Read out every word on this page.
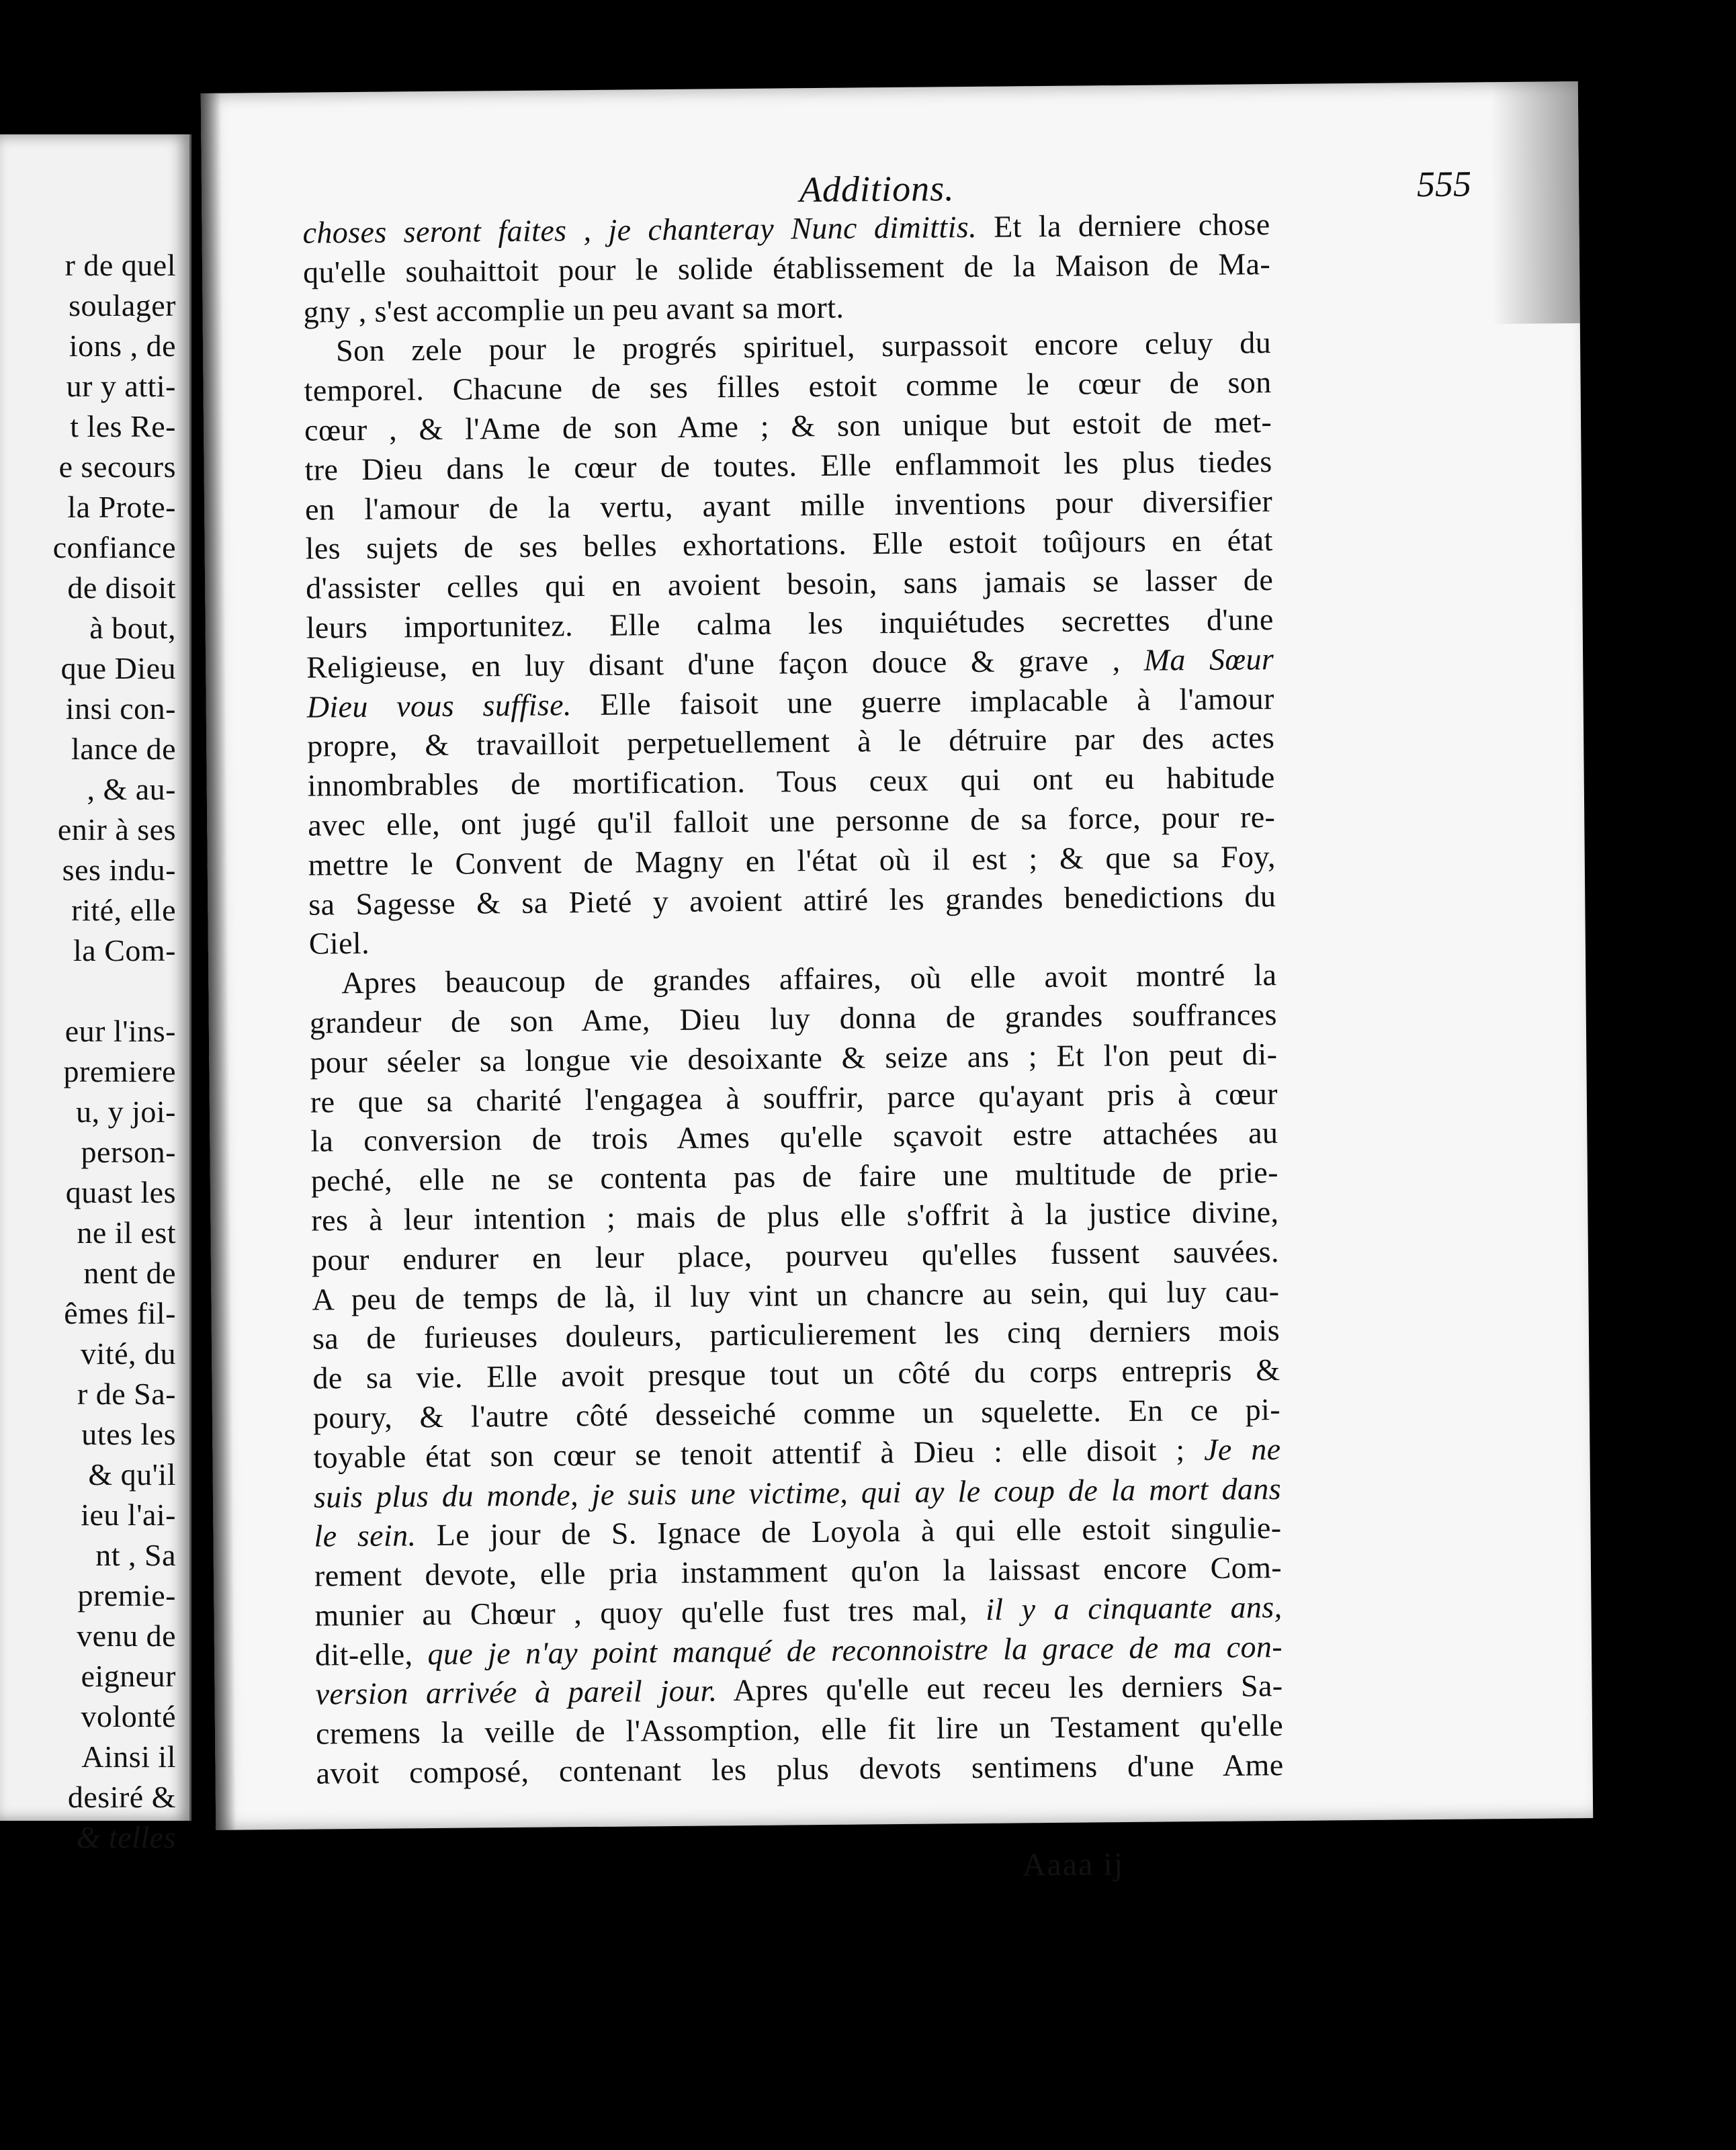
r de quel
soulager
ions , de
ur y atti-
t les Re-
e secours
la Prote-
confiance
de disoit
à bout,
que Dieu
insi con-
lance de
, & au-
enir à ses
ses indu-
rité, elle
la Com-
eur l'ins-
premiere
u, y joi-
person-
quast les
ne il est
nent de
êmes fil-
vité, du
r de Sa-
utes les
& qu'il
ieu l'ai-
nt , Sa
premie-
venu de
eigneur
volonté
Ainsi il
desiré &
& telles
Additions.	555
choses seront faites , je chanteray Nunc dimittis. Et la derniere chose
qu'elle souhaittoit pour le solide établissement de la Maison de Ma-
gny , s'est accomplie un peu avant sa mort.
Son zele pour le progrés spirituel, surpassoit encore celuy du
temporel. Chacune de ses filles estoit comme le cœur de son
cœur , & l'Ame de son Ame ; & son unique but estoit de met-
tre Dieu dans le cœur de toutes. Elle enflammoit les plus tiedes
en l'amour de la vertu, ayant mille inventions pour diversifier
les sujets de ses belles exhortations. Elle estoit toûjours en état
d'assister celles qui en avoient besoin, sans jamais se lasser de
leurs importunitez. Elle calma les inquiétudes secrettes d'une
Religieuse, en luy disant d'une façon douce & grave , Ma Sœur
Dieu vous suffise. Elle faisoit une guerre implacable à l'amour
propre, & travailloit perpetuellement à le détruire par des actes
innombrables de mortification. Tous ceux qui ont eu habitude
avec elle, ont jugé qu'il falloit une personne de sa force, pour re-
mettre le Convent de Magny en l'état où il est ; & que sa Foy,
sa Sagesse & sa Pieté y avoient attiré les grandes benedictions du
Ciel.
Apres beaucoup de grandes affaires, où elle avoit montré la
grandeur de son Ame, Dieu luy donna de grandes souffrances
pour séeler sa longue vie desoixante & seize ans ; Et l'on peut di-
re que sa charité l'engagea à souffrir, parce qu'ayant pris à cœur
la conversion de trois Ames qu'elle sçavoit estre attachées au
peché, elle ne se contenta pas de faire une multitude de prie-
res à leur intention ; mais de plus elle s'offrit à la justice divine,
pour endurer en leur place, pourveu qu'elles fussent sauvées.
A peu de temps de là, il luy vint un chancre au sein, qui luy cau-
sa de furieuses douleurs, particulierement les cinq derniers mois
de sa vie. Elle avoit presque tout un côté du corps entrepris &
poury, & l'autre côté desseiché comme un squelette. En ce pi-
toyable état son cœur se tenoit attentif à Dieu : elle disoit ; Je ne
suis plus du monde, je suis une victime, qui ay le coup de la mort dans
le sein. Le jour de S. Ignace de Loyola à qui elle estoit singulie-
rement devote, elle pria instamment qu'on la laissast encore Com-
munier au Chœur , quoy qu'elle fust tres mal, il y a cinquante ans,
dit-elle, que je n'ay point manqué de reconnoistre la grace de ma con-
version arrivée à pareil jour. Apres qu'elle eut receu les derniers Sa-
cremens la veille de l'Assomption, elle fit lire un Testament qu'elle
avoit composé, contenant les plus devots sentimens d'une Ame
Aaaa ij
